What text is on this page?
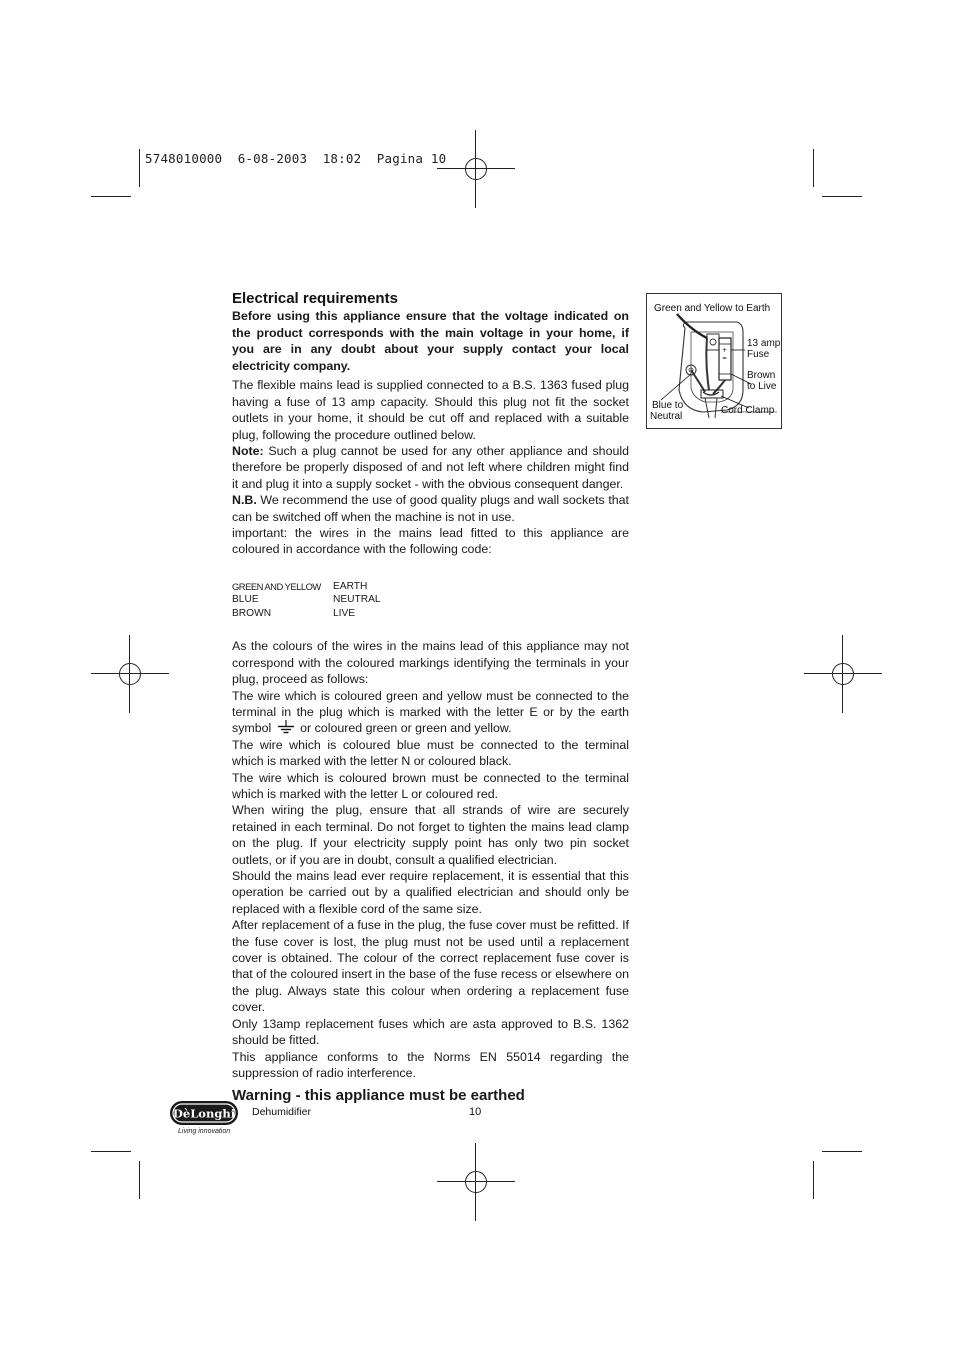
5748010000  6-08-2003  18:02  Pagina 10
Electrical requirements

Before using this appliance ensure that the voltage indicated on the product corresponds with the main voltage in your home, if you are in any doubt about your supply contact your local electricity company.

The flexible mains lead is supplied connected to a B.S. 1363 fused plug having a fuse of 13 amp capacity. Should this plug not fit the socket outlets in your home, it should be cut off and replaced with a suitable plug, following the procedure outlined below.

Note: Such a plug cannot be used for any other appliance and should therefore be properly disposed of and not left where children might find it and plug it into a supply socket - with the obvious consequent danger.

N.B. We recommend the use of good quality plugs and wall sockets that can be switched off when the machine is not in use.

important: the wires in the mains lead fitted to this appliance are coloured in accordance with the following code:

GREEN AND YELLOW	EARTH
BLUE	NEUTRAL
BROWN	LIVE

As the colours of the wires in the mains lead of this appliance may not correspond with the coloured markings identifying the terminals in your plug, proceed as follows:

The wire which is coloured green and yellow must be connected to the terminal in the plug which is marked with the letter E or by the earth symbol  or coloured green or green and yellow.

The wire which is coloured blue must be connected to the terminal which is marked with the letter N or coloured black.

The wire which is coloured brown must be connected to the terminal which is marked with the letter L or coloured red.

When wiring the plug, ensure that all strands of wire are securely retained in each terminal. Do not forget to tighten the mains lead clamp on the plug. If your electricity supply point has only two pin socket outlets, or if you are in doubt, consult a qualified electrician.

Should the mains lead ever require replacement, it is essential that this operation be carried out by a qualified electrician and should only be replaced with a flexible cord of the same size.

After replacement of a fuse in the plug, the fuse cover must be refitted. If the fuse cover is lost, the plug must not be used until a replacement cover is obtained. The colour of the correct replacement fuse cover is that of the coloured insert in the base of the fuse recess or elsewhere on the plug. Always state this colour when ordering a replacement fuse cover.

Only 13amp replacement fuses which are asta approved to B.S. 1362 should be fitted.

This appliance conforms to the Norms EN 55014 regarding the suppression of radio interference.

Warning - this appliance must be earthed

+
=
Green and Yellow to Earth
13 amp
Fuse
Brown
to Live
Blue to
Neutral
Cord Clamp
DèLonghi
Living innovation
Dehumidifier	10
